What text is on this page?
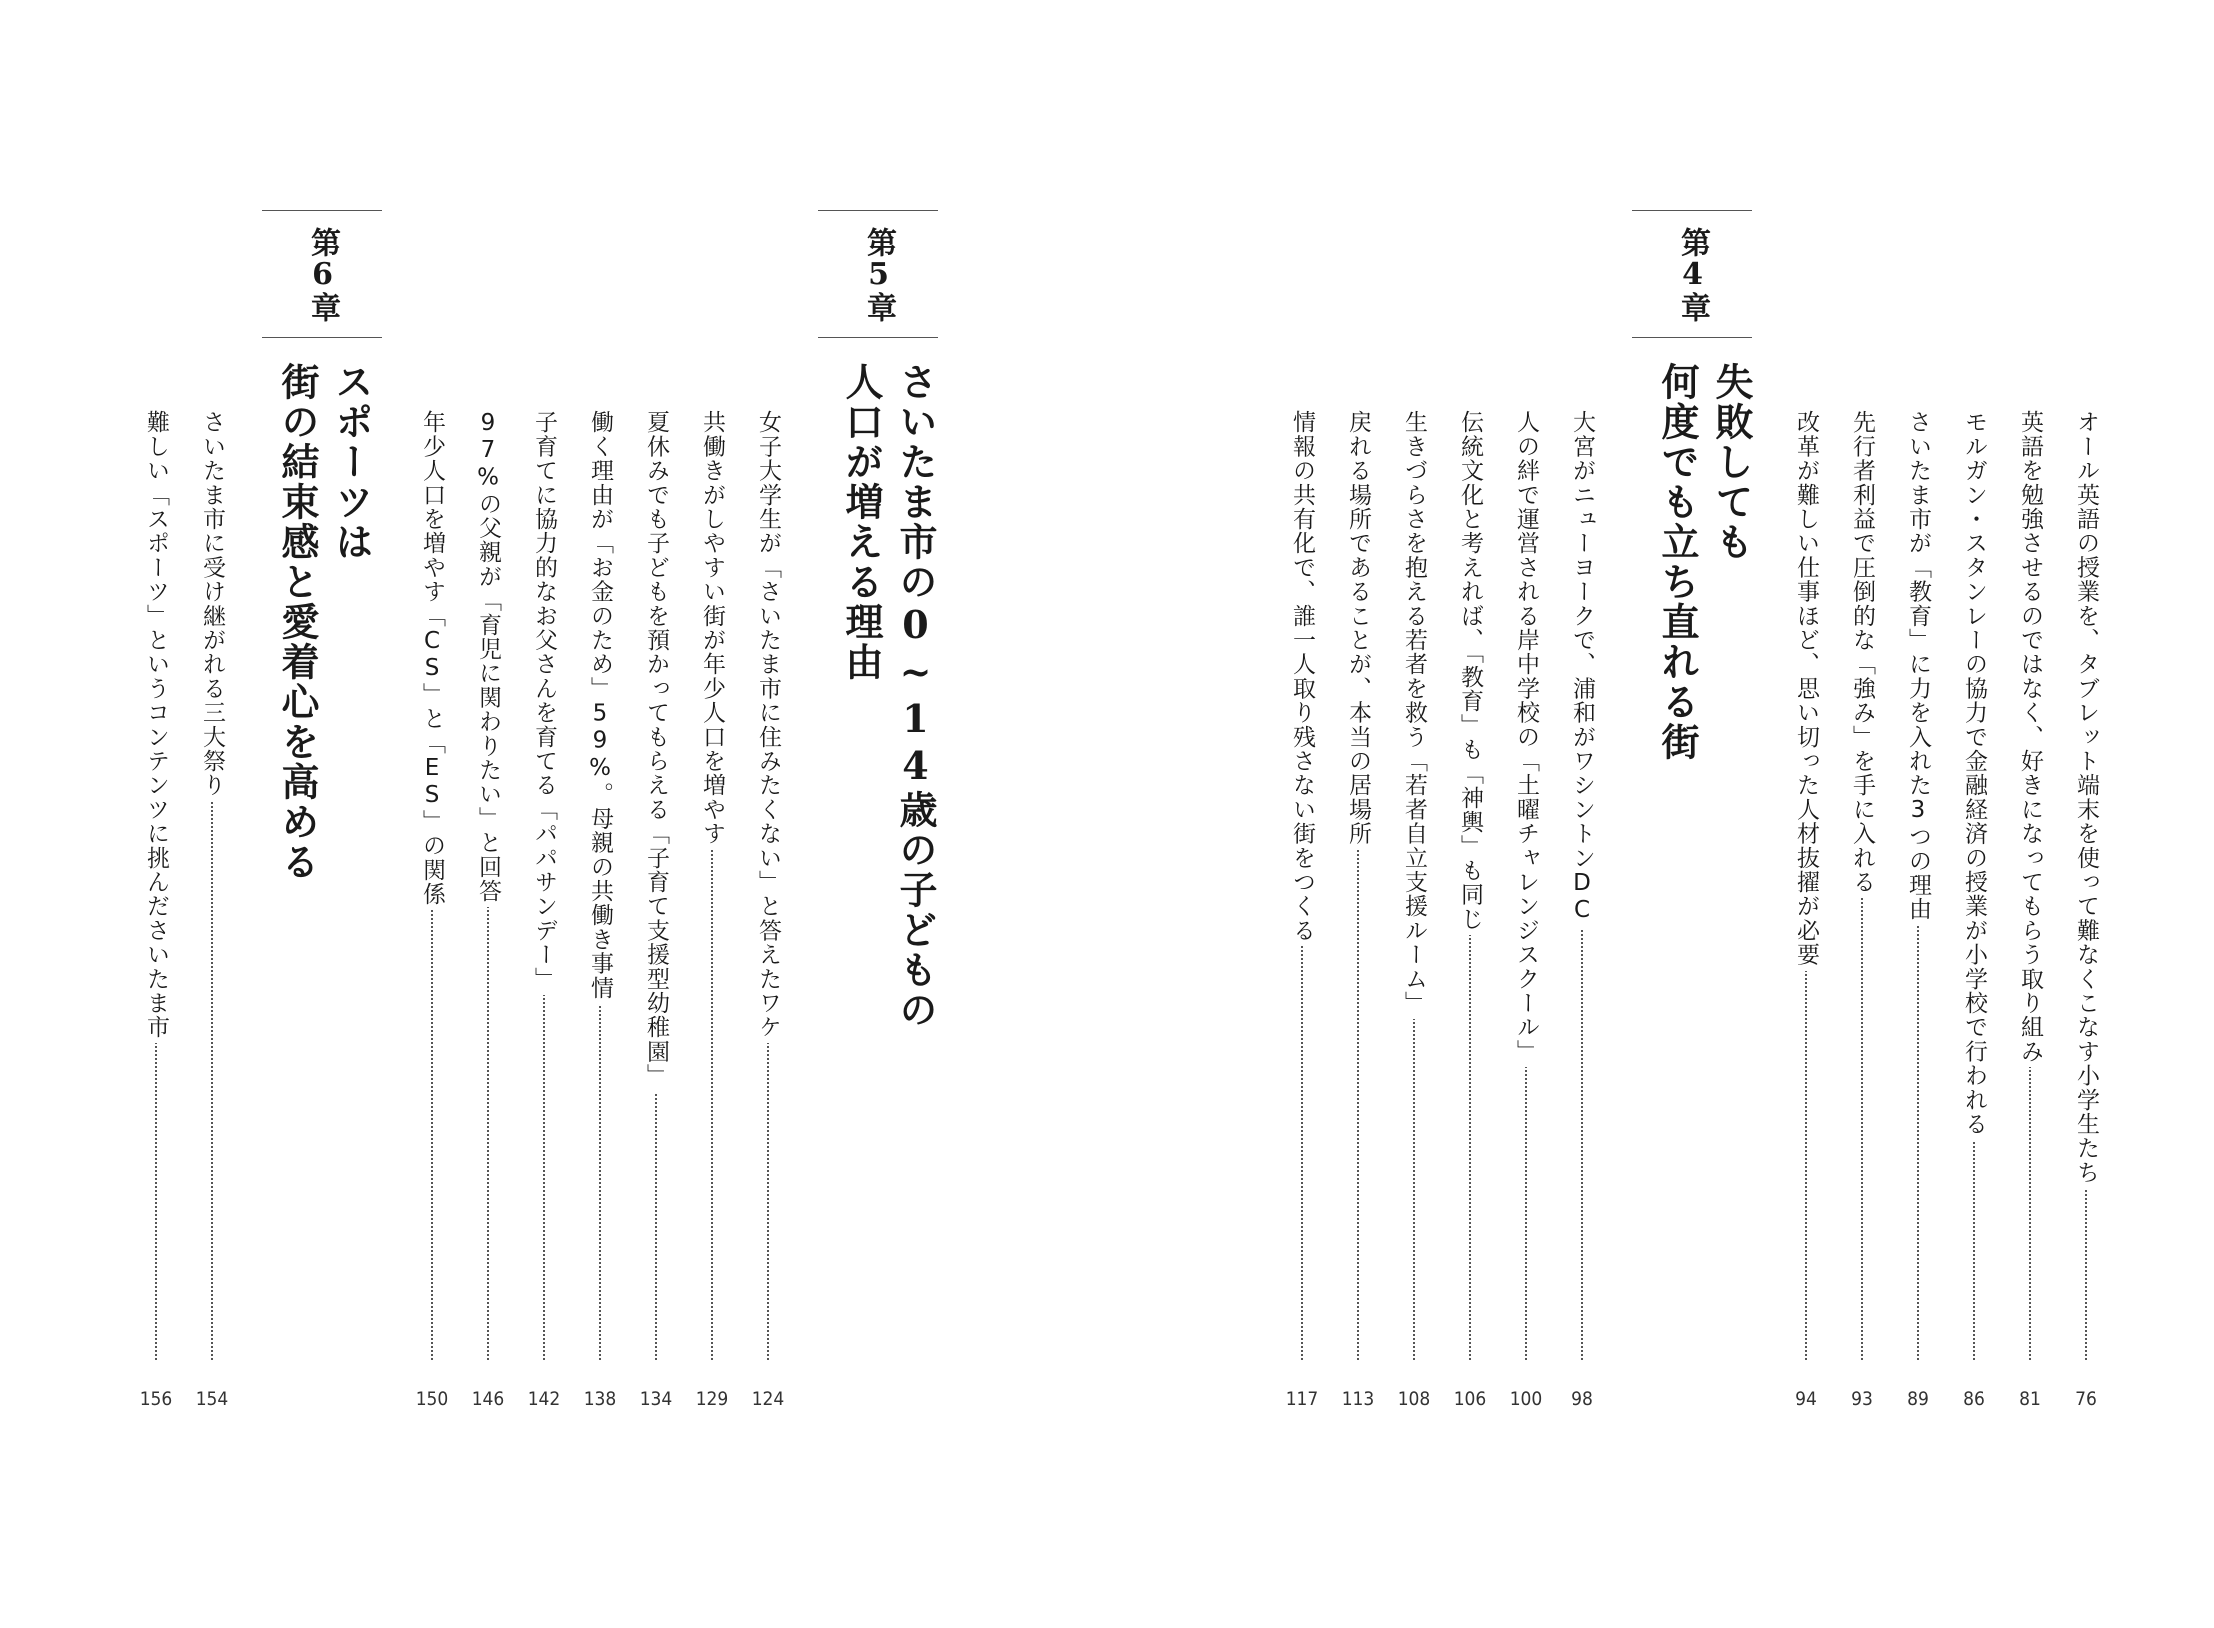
第4章
失敗しても
何度でも立ち直れる街	オール英語の授業を、タブレット端末を使って難なくこなす小学生たち
76
英語を勉強させるのではなく、好きになってもらう取り組み
81
モルガン・スタンレーの協力で金融経済の授業が小学校で行われる
86
さいたま市が「教育」に力を入れた3つの理由
89
先行者利益で圧倒的な「強み」を手に入れる
93
改革が難しい仕事ほど、思い切った人材抜擢が必要
94
大宮がニューヨークで、浦和がワシントンDC
98
人の絆で運営される岸中学校の「土曜チャレンジスクール」
100
伝統文化と考えれば、「教育」も「神輿」も同じ
106
生きづらさを抱える若者を救う「若者自立支援ルーム」
108
戻れる場所であることが、本当の居場所
113
情報の共有化で、誰一人取り残さない街をつくる
117
第5章
さいたま市の0~14歳の子どもの
人口が増える理由
女子大学生が「さいたま市に住みたくない」と答えたワケ
124
共働きがしやすい街が年少人口を増やす
129
夏休みでも子どもを預かってもらえる「子育て支援型幼稚園」
134
働く理由が「お金のため」59%。母親の共働き事情
138
子育てに協力的なお父さんを育てる「パパサンデー」
142
97%の父親が「育児に関わりたい」と回答
146
年少人口を増やす「CS」と「ES」の関係
150
第6章
スポーツは
街の結束感と愛着心を高める
さいたま市に受け継がれる三大祭り
154
難しい「スポーツ」というコンテンツに挑んださいたま市
156
